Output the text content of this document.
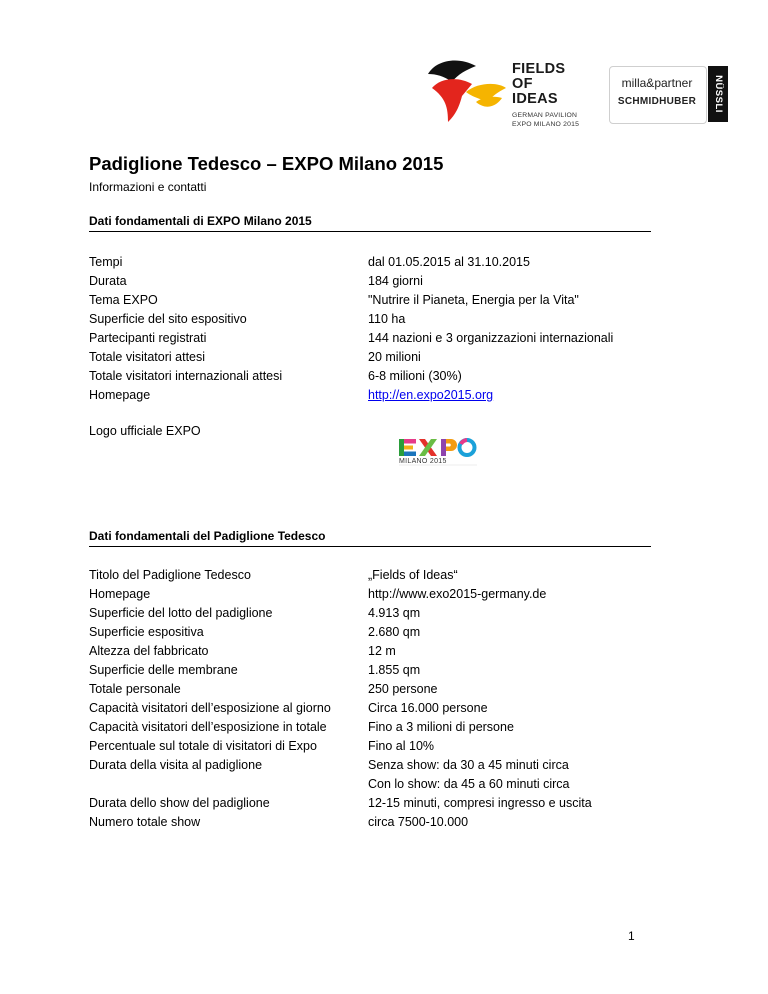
FIELDS
OF
IDEAS
GERMAN PAVILION
EXPO MILANO 2015
milla&partner
SCHMIDHUBER	NÜSSLI
Padiglione Tedesco – EXPO Milano 2015
Informazioni e contatti
Dati fondamentali di EXPO Milano 2015
Tempi	dal 01.05.2015 al 31.10.2015
Durata	184 giorni
Tema EXPO	"Nutrire il Pianeta, Energia per la Vita"
Superficie del sito espositivo	110 ha
Partecipanti registrati	144 nazioni e 3 organizzazioni internazionali
Totale visitatori attesi	20 milioni
Totale visitatori internazionali attesi	6-8 milioni (30%)
Homepage	http://en.expo2015.org
Logo ufficiale EXPO
MILANO 2015
Dati fondamentali del Padiglione Tedesco
Titolo del Padiglione Tedesco	„Fields of Ideas“
Homepage	http://www.exo2015-germany.de
Superficie del lotto del padiglione	4.913 qm
Superficie espositiva	2.680 qm
Altezza del fabbricato	12 m
Superficie delle membrane	1.855 qm
Totale personale	250 persone
Capacità visitatori dell’esposizione al giorno	Circa 16.000 persone
Capacità visitatori dell’esposizione in totale	Fino a 3 milioni di persone
Percentuale sul totale di visitatori di Expo	Fino al 10%
Durata della visita al padiglione	Senza show: da 30 a 45 minuti circa
Con lo show: da 45 a 60 minuti circa
Durata dello show del padiglione	12-15 minuti, compresi ingresso e uscita
Numero totale show	circa 7500-10.000
1
